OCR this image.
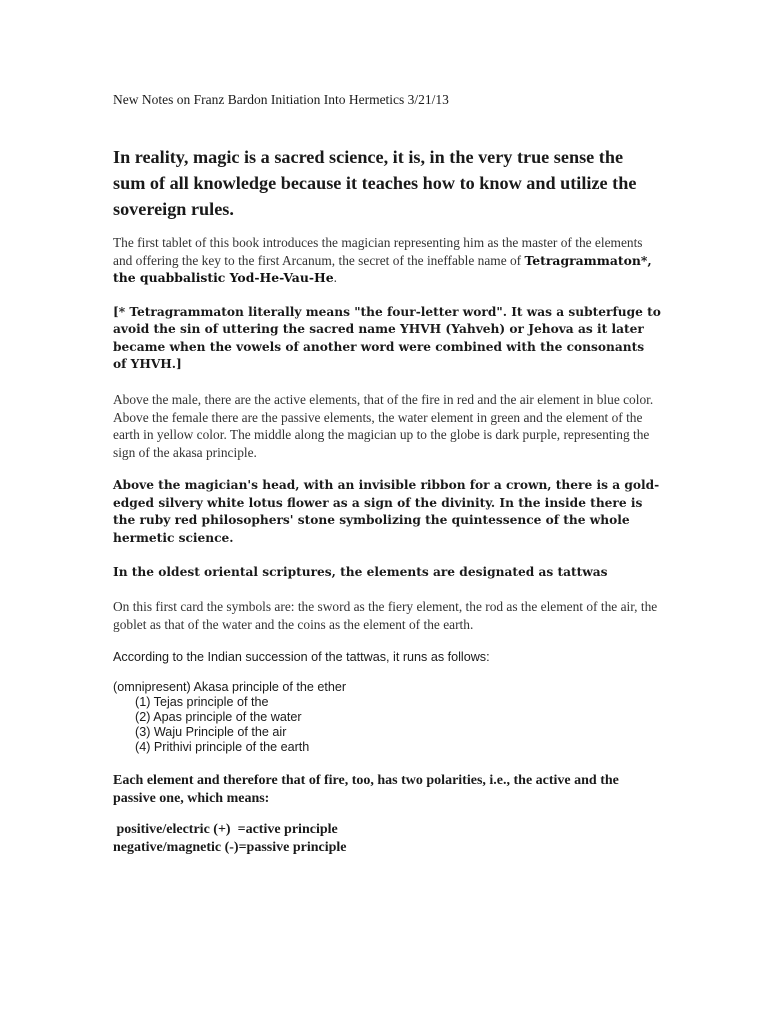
New Notes on Franz Bardon Initiation Into Hermetics 3/21/13
In reality, magic is a sacred science, it is, in the very true sense the sum of all knowledge because it teaches how to know and utilize the sovereign rules.
The first tablet of this book introduces the magician representing him as the master of the elements and offering the key to the first Arcanum, the secret of the ineffable name of Tetragrammaton*, the quabbalistic Yod-He-Vau-He.
[* Tetragrammaton literally means "the four-letter word". It was a subterfuge to avoid the sin of uttering the sacred name YHVH (Yahveh) or Jehova as it later became when the vowels of another word were combined with the consonants of YHVH.]
Above the male, there are the active elements, that of the fire in red and the air element in blue color. Above the female there are the passive elements, the water element in green and the element of the earth in yellow color. The middle along the magician up to the globe is dark purple, representing the sign of the akasa principle.
Above the magician's head, with an invisible ribbon for a crown, there is a gold-edged silvery white lotus flower as a sign of the divinity. In the inside there is the ruby red philosophers' stone symbolizing the quintessence of the whole hermetic science.
In the oldest oriental scriptures, the elements are designated as tattwas
On this first card the symbols are: the sword as the fiery element, the rod as the element of the air, the goblet as that of the water and the coins as the element of the earth.
According to the Indian succession of the tattwas, it runs as follows:
(omnipresent) Akasa principle of the ether
(1) Tejas principle of the
(2) Apas principle of the water
(3) Waju Principle of the air
(4) Prithivi principle of the earth
Each element and therefore that of fire, too, has two polarities, i.e., the active and the passive one, which means:
positive/electric (+)  =active principle
negative/magnetic (-)=passive principle
